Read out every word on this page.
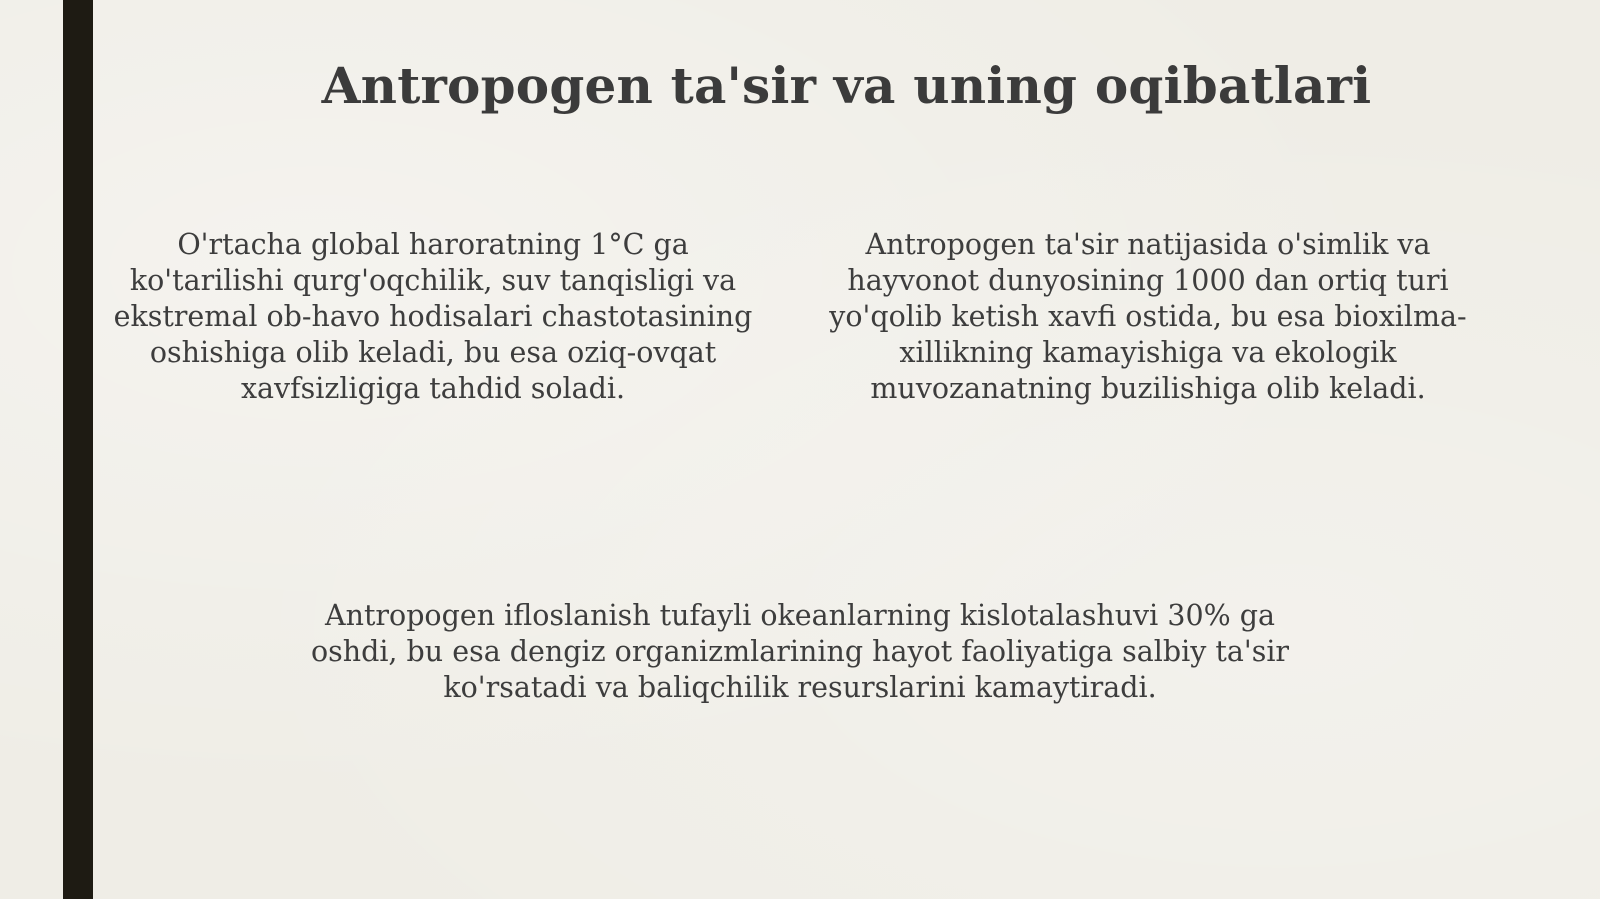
Antropogen ta'sir va uning oqibatlari

O'rtacha global haroratning 1°C ga ko'tarilishi qurg'oqchilik, suv tanqisligi va ekstremal ob-havo hodisalari chastotasining oshishiga olib keladi, bu esa oziq-ovqat xavfsizligiga tahdid soladi.

Antropogen ta'sir natijasida o'simlik va hayvonot dunyosining 1000 dan ortiq turi yo'qolib ketish xavfi ostida, bu esa bioxilma-xillikning kamayishiga va ekologik muvozanatning buzilishiga olib keladi.

Antropogen ifloslanish tufayli okeanlarning kislotalashuvi 30% ga oshdi, bu esa dengiz organizmlarining hayot faoliyatiga salbiy ta'sir ko'rsatadi va baliqchilik resurslarini kamaytiradi.
